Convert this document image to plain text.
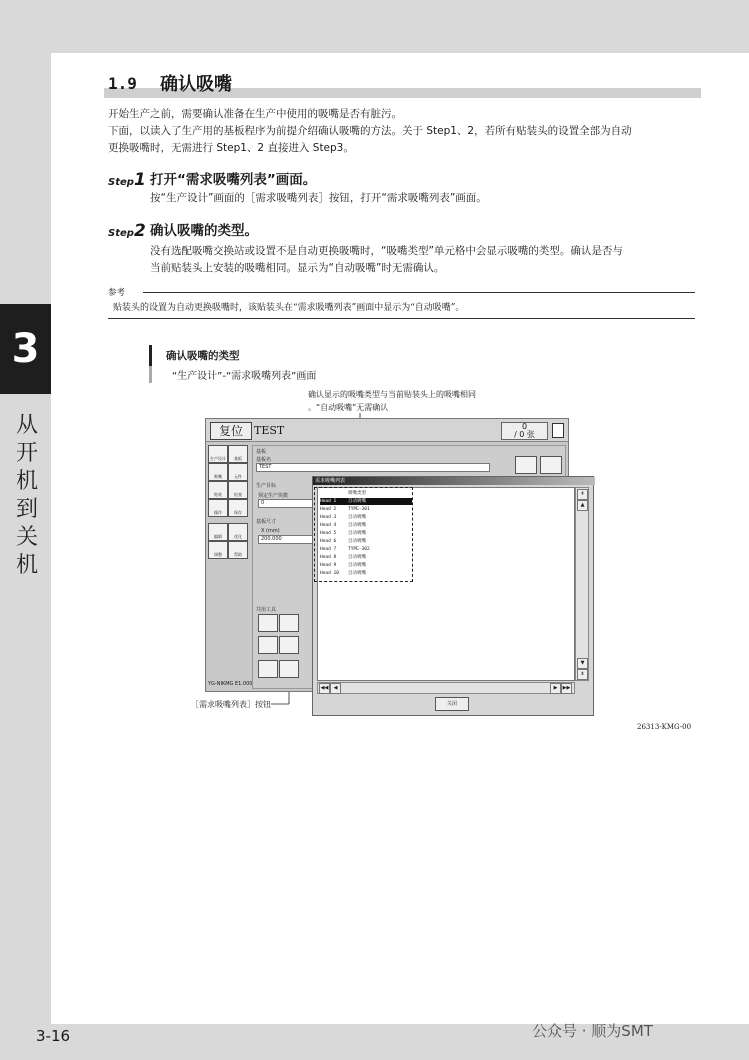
3
从开机到关机
1.9 确认吸嘴
开始生产之前，需要确认准备在生产中使用的吸嘴是否有脏污。
下面，以读入了生产用的基板程序为前提介绍确认吸嘴的方法。关于 Step1、2，若所有贴装头的设置全部为自动
更换吸嘴时，无需进行 Step1、2 直接进入 Step3。
Step1 打开“需求吸嘴列表”画面。
按“生产设计”画面的［需求吸嘴列表］按钮，打开“需求吸嘴列表”画面。
Step2 确认吸嘴的类型。
没有选配吸嘴交换站或设置不是自动更换吸嘴时，“吸嘴类型”单元格中会显示吸嘴的类型。确认是否与
当前贴装头上安装的吸嘴相同。显示为“自动吸嘴”时无需确认。
参考
贴装头的设置为自动更换吸嘴时，该贴装头在“需求吸嘴列表”画面中显示为“自动吸嘴”。
确认吸嘴的类型
“生产设计”-“需求吸嘴列表”画面
确认显示的吸嘴类型与当前贴装头上的吸嘴相同
。“自动吸嘴”无需确认
复位	TEST	0
/ 0 张
生产设计	基板
吸嘴	元件
贴装	检查
操作	保存
编辑	优化
调整	帮助
YG-NIKMG E1.000
基板
基板名
TEST
生产目标
预定生产块数
0
基板尺寸
X (mm)
200.000
共用工具
需求吸嘴列表
吸嘴类型
Head 1	自动吸嘴
Head 2	TYPE-301
Head 3	自动吸嘴
Head 4	自动吸嘴
Head 5	自动吸嘴
Head 6	自动吸嘴
Head 7	TYPE-302
Head 8	自动吸嘴
Head 9	自动吸嘴
Head 10 自动吸嘴
⇞
▲
▼
⇟
◀◀	◀	▶	▶▶
关闭
［需求吸嘴列表］按钮
26313-KMG-00
3-16	公众号 · 顺为SMT
